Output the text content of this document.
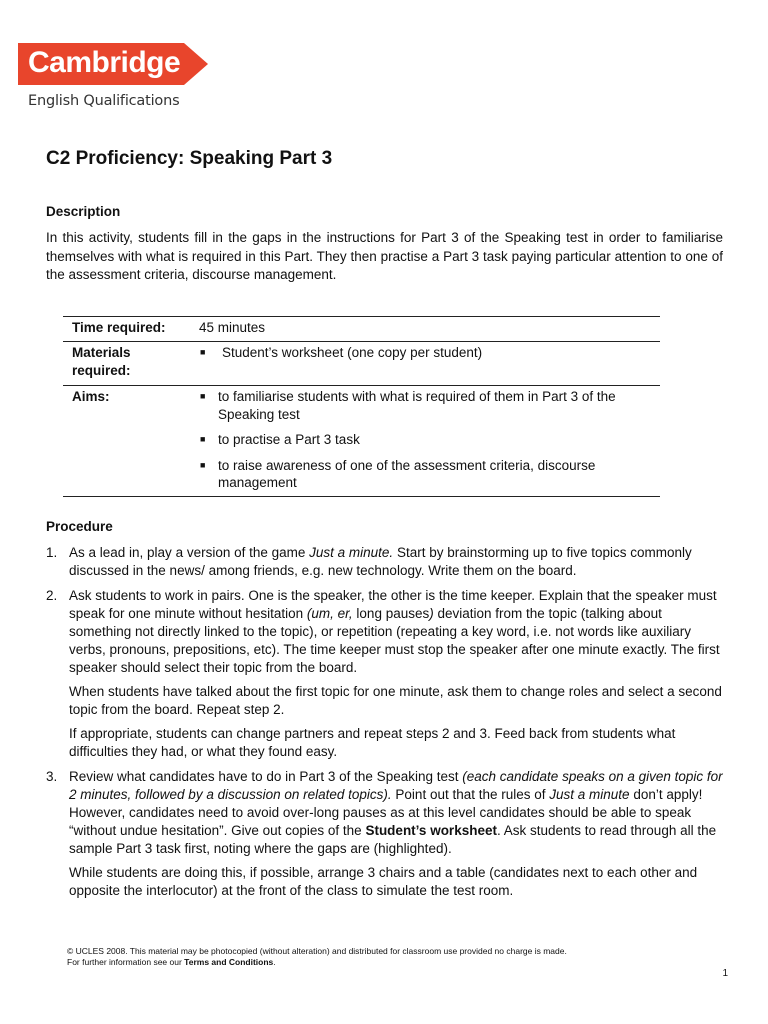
Cambridge
English Qualifications
C2 Proficiency: Speaking Part 3
Description
In this activity, students fill in the gaps in the instructions for Part 3 of the Speaking test in order to familiarise themselves with what is required in this Part. They then practise a Part 3 task paying particular attention to one of the assessment criteria, discourse management.
Time required: 45 minutes
Materials required:
■ Student’s worksheet (one copy per student)
Aims:	■ to familiarise students with what is required of them in Part 3 of the Speaking test
■ to practise a Part 3 task
■ to raise awareness of one of the assessment criteria, discourse management
Procedure
1. As a lead in, play a version of the game Just a minute. Start by brainstorming up to five topics commonly discussed in the news/ among friends, e.g. new technology. Write them on the board.

2. Ask students to work in pairs. One is the speaker, the other is the time keeper. Explain that the speaker must speak for one minute without hesitation (um, er, long pauses) deviation from the topic (talking about something not directly linked to the topic), or repetition (repeating a key word, i.e. not words like auxiliary verbs, pronouns, prepositions, etc). The time keeper must stop the speaker after one minute exactly. The first speaker should select their topic from the board.

When students have talked about the first topic for one minute, ask them to change roles and select a second topic from the board. Repeat step 2.

If appropriate, students can change partners and repeat steps 2 and 3. Feed back from students what difficulties they had, or what they found easy.

3. Review what candidates have to do in Part 3 of the Speaking test (each candidate speaks on a given topic for 2 minutes, followed by a discussion on related topics). Point out that the rules of Just a minute don’t apply! However, candidates need to avoid over-long pauses as at this level candidates should be able to speak “without undue hesitation”. Give out copies of the Student’s worksheet. Ask students to read through all the sample Part 3 task first, noting where the gaps are (highlighted).

While students are doing this, if possible, arrange 3 chairs and a table (candidates next to each other and opposite the interlocutor) at the front of the class to simulate the test room.

© UCLES 2008. This material may be photocopied (without alteration) and distributed for classroom use provided no charge is made.
For further information see our Terms and Conditions.
1
